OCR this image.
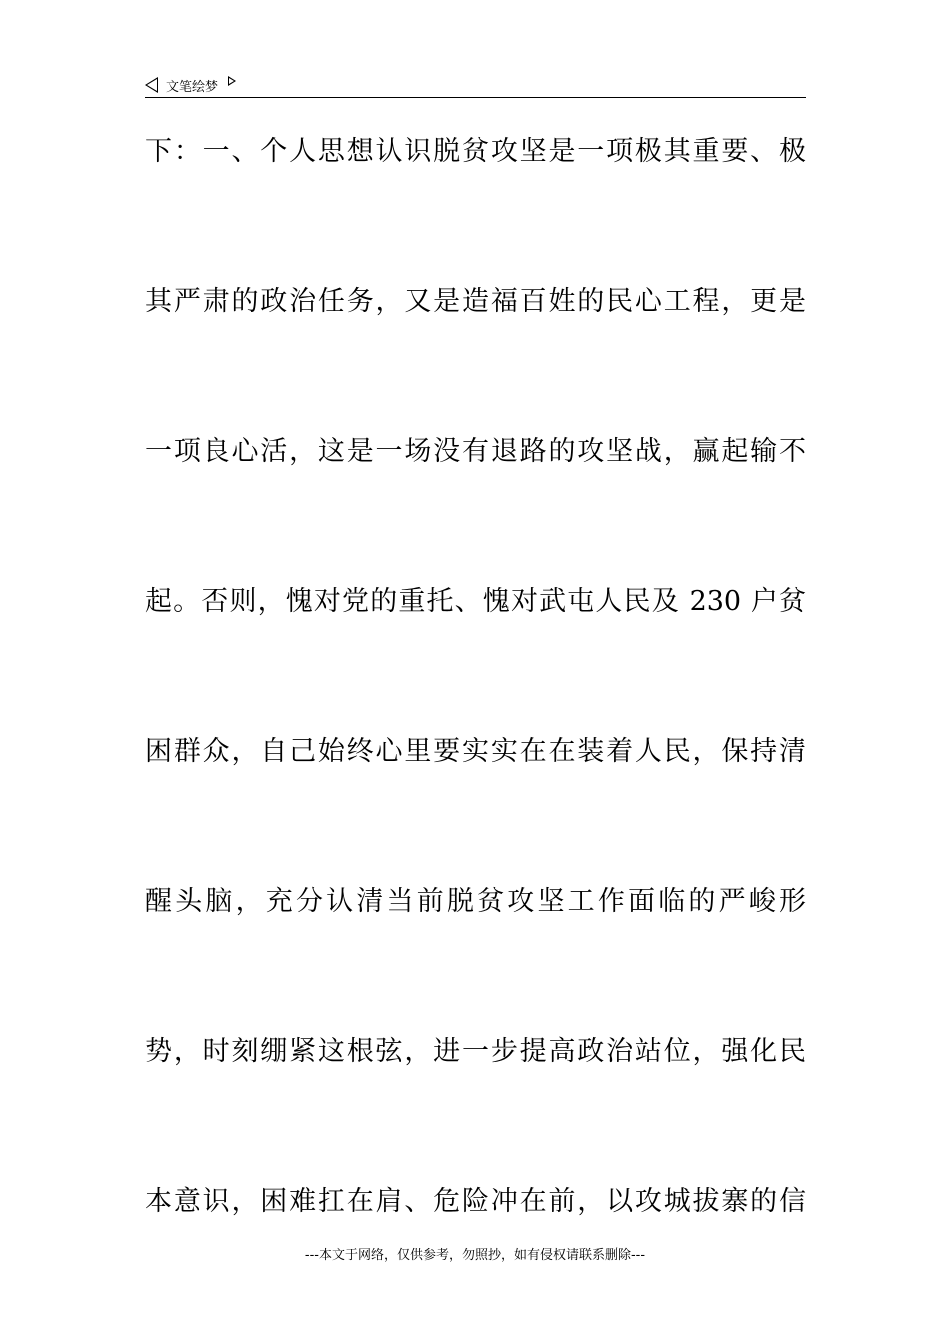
文笔绘梦
下：一、个人思想认识脱贫攻坚是一项极其重要、极
其严肃的政治任务，又是造福百姓的民心工程，更是
一项良心活，这是一场没有退路的攻坚战，赢起输不
起。否则，愧对党的重托、愧对武屯人民及 230 户贫
困群众，自己始终心里要实实在在装着人民，保持清
醒头脑，充分认清当前脱贫攻坚工作面临的严峻形
势，时刻绷紧这根弦，进一步提高政治站位，强化民
本意识，困难扛在肩、危险冲在前，以攻城拔寨的信
---本文于网络，仅供参考，勿照抄，如有侵权请联系删除---
